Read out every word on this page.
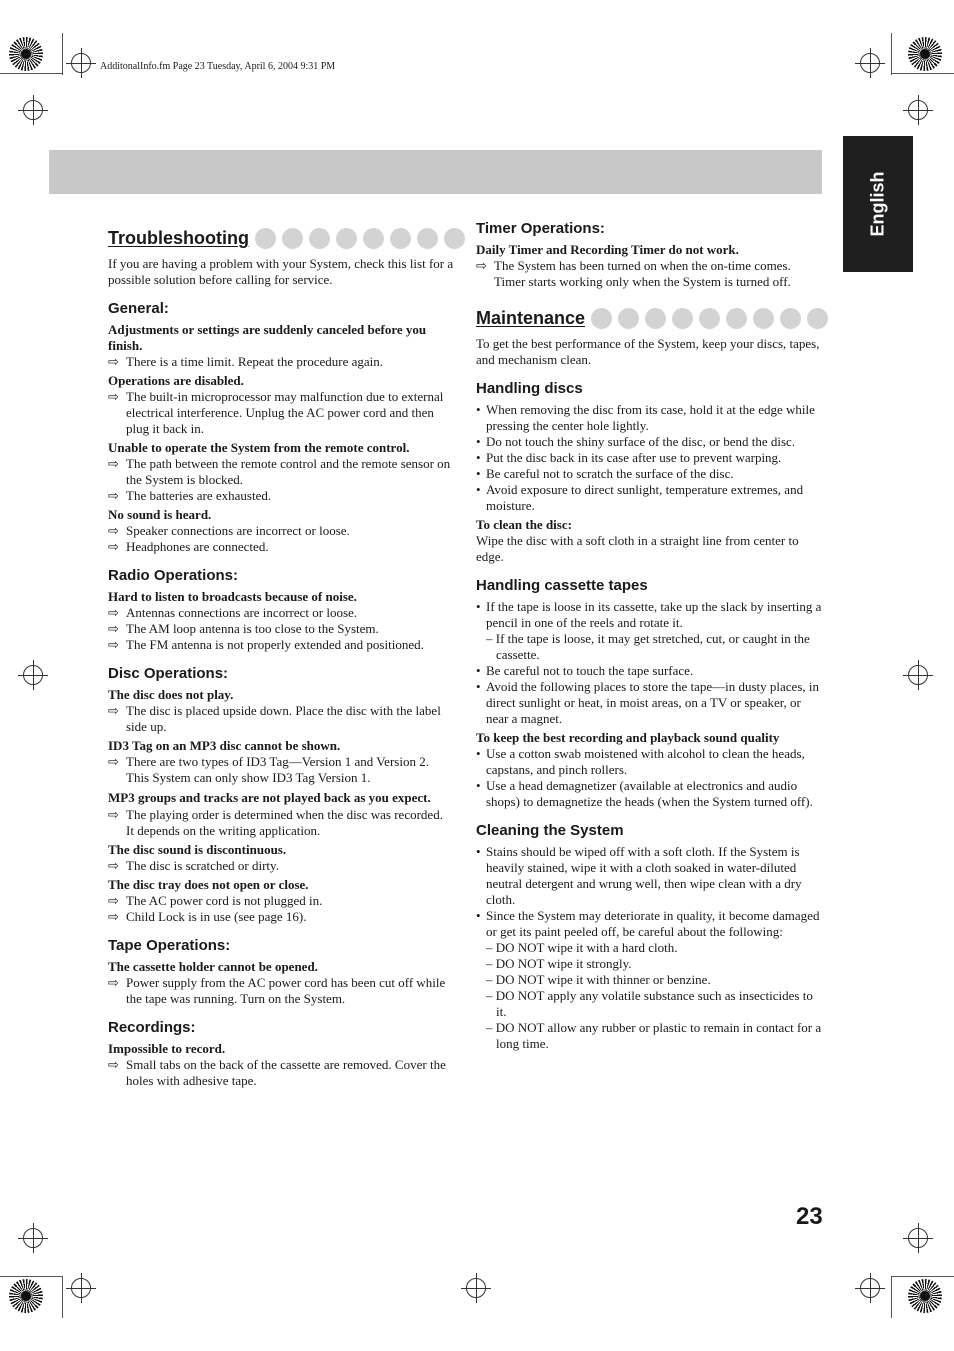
AdditonalInfo.fm Page 23 Tuesday, April 6, 2004 9:31 PM
English
Troubleshooting
If you are having a problem with your System, check this list for a possible solution before calling for service.
General:
Adjustments or settings are suddenly canceled before you finish.
⇨ There is a time limit. Repeat the procedure again.
Operations are disabled.
⇨ The built-in microprocessor may malfunction due to external electrical interference. Unplug the AC power cord and then plug it back in.
Unable to operate the System from the remote control.
⇨ The path between the remote control and the remote sensor on the System is blocked.
⇨ The batteries are exhausted.
No sound is heard.
⇨ Speaker connections are incorrect or loose.
⇨ Headphones are connected.
Radio Operations:
Hard to listen to broadcasts because of noise.
⇨ Antennas connections are incorrect or loose.
⇨ The AM loop antenna is too close to the System.
⇨ The FM antenna is not properly extended and positioned.
Disc Operations:
The disc does not play.
⇨ The disc is placed upside down. Place the disc with the label side up.
ID3 Tag on an MP3 disc cannot be shown.
⇨ There are two types of ID3 Tag—Version 1 and Version 2. This System can only show ID3 Tag Version 1.
MP3 groups and tracks are not played back as you expect.
⇨ The playing order is determined when the disc was recorded. It depends on the writing application.
The disc sound is discontinuous.
⇨ The disc is scratched or dirty.
The disc tray does not open or close.
⇨ The AC power cord is not plugged in.
⇨ Child Lock is in use (see page 16).
Tape Operations:
The cassette holder cannot be opened.
⇨ Power supply from the AC power cord has been cut off while the tape was running. Turn on the System.
Recordings:
Impossible to record.
⇨ Small tabs on the back of the cassette are removed. Cover the holes with adhesive tape.
Timer Operations:
Daily Timer and Recording Timer do not work.
⇨ The System has been turned on when the on-time comes. Timer starts working only when the System is turned off.
Maintenance
To get the best performance of the System, keep your discs, tapes, and mechanism clean.
Handling discs
• When removing the disc from its case, hold it at the edge while pressing the center hole lightly.
• Do not touch the shiny surface of the disc, or bend the disc.
• Put the disc back in its case after use to prevent warping.
• Be careful not to scratch the surface of the disc.
• Avoid exposure to direct sunlight, temperature extremes, and moisture.
To clean the disc:
Wipe the disc with a soft cloth in a straight line from center to edge.
Handling cassette tapes
• If the tape is loose in its cassette, take up the slack by inserting a pencil in one of the reels and rotate it.
– If the tape is loose, it may get stretched, cut, or caught in the cassette.
• Be careful not to touch the tape surface.
• Avoid the following places to store the tape—in dusty places, in direct sunlight or heat, in moist areas, on a TV or speaker, or near a magnet.
To keep the best recording and playback sound quality
• Use a cotton swab moistened with alcohol to clean the heads, capstans, and pinch rollers.
• Use a head demagnetizer (available at electronics and audio shops) to demagnetize the heads (when the System turned off).
Cleaning the System
• Stains should be wiped off with a soft cloth. If the System is heavily stained, wipe it with a cloth soaked in water-diluted neutral detergent and wrung well, then wipe clean with a dry cloth.
• Since the System may deteriorate in quality, it become damaged or get its paint peeled off, be careful about the following:
– DO NOT wipe it with a hard cloth.
– DO NOT wipe it strongly.
– DO NOT wipe it with thinner or benzine.
– DO NOT apply any volatile substance such as insecticides to it.
– DO NOT allow any rubber or plastic to remain in contact for a long time.
23
